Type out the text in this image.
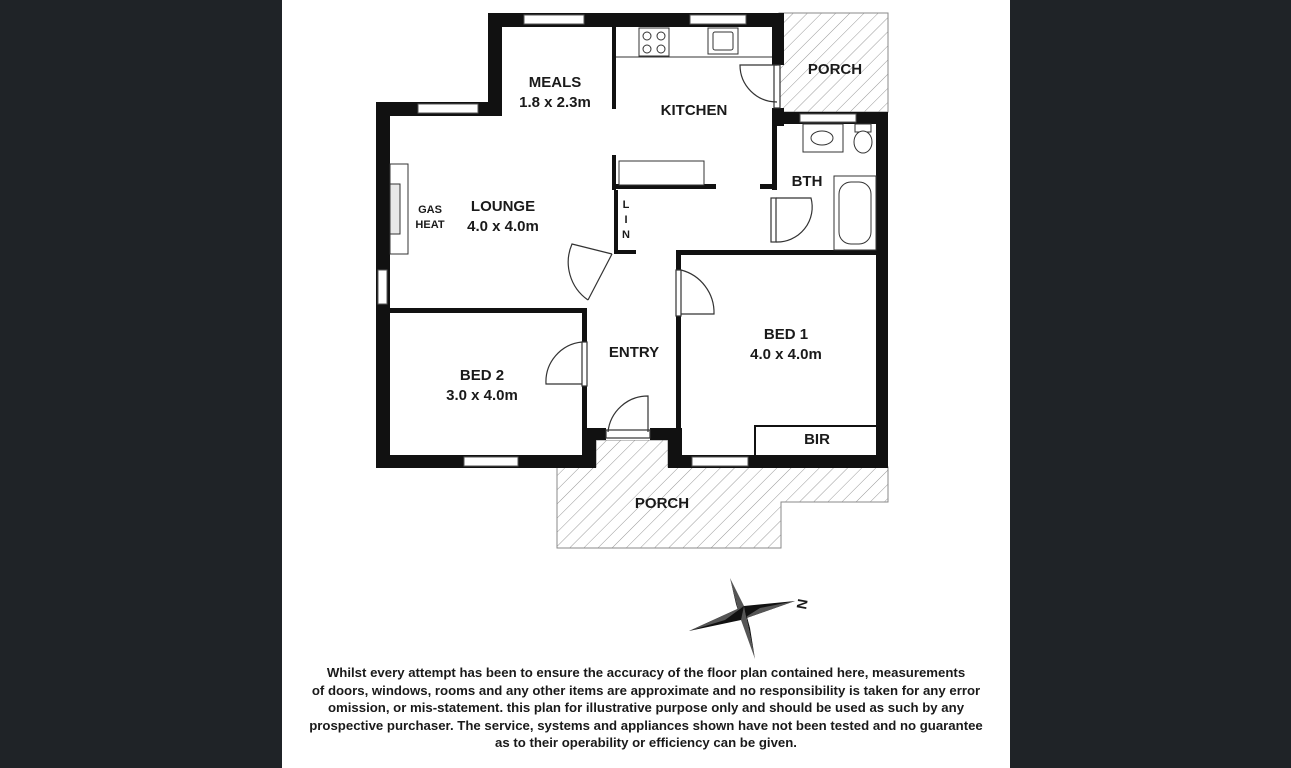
PORCH
MEALS
1.8 x 2.3m	KITCHEN
BTH
LOUNGE
4.0 x 4.0m
GAS
HEAT
L
I
N
BED 1
4.0 x 4.0m
ENTRY
BED 2
3.0 x 4.0m
BIR
PORCH
N

Whilst every attempt has been to ensure the accuracy of the floor plan contained here, measurements
of doors, windows, rooms and any other items are approximate and no responsibility is taken for any error
omission, or mis-statement. this plan for illustrative purpose only and should be used as such by any
prospective purchaser. The service, systems and appliances shown have not been tested and no guarantee
as to their operability or efficiency can be given.
